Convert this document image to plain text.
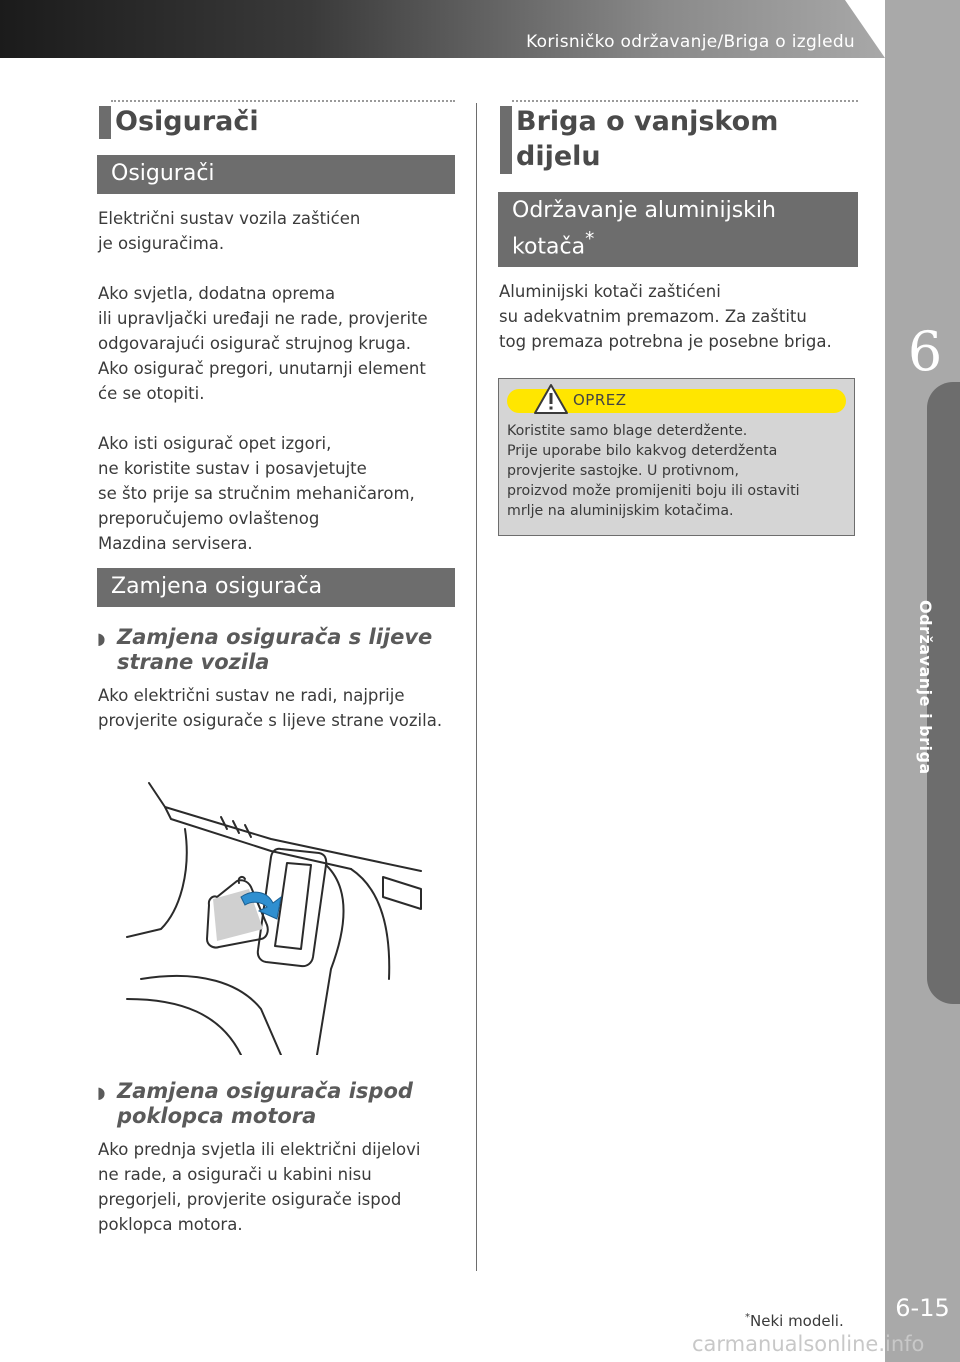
Korisničko održavanje/Briga o izgledu
6
Održavanje i briga
6-15
Osigurači
Osigurači
Električni sustav vozila zaštićen
je osiguračima.
Ako svjetla, dodatna oprema
ili upravljački uređaji ne rade, provjerite
odgovarajući osigurač strujnog kruga.
Ako osigurač pregori, unutarnji element
će se otopiti.
Ako isti osigurač opet izgori,
ne koristite sustav i posavjetujte
se što prije sa stručnim mehaničarom,
preporučujemo ovlaštenog
Mazdina servisera.
Zamjena osigurača
◗ Zamjena osigurača s lijeve strane vozila
Ako električni sustav ne radi, najprije
provjerite osigurače s lijeve strane vozila.
◗ Zamjena osigurača ispod poklopca motora
Ako prednja svjetla ili električni dijelovi
ne rade, a osigurači u kabini nisu
pregorjeli, provjerite osigurače ispod
poklopca motora.
Briga o vanjskom dijelu
Održavanje aluminijskih kotača*
Aluminijski kotači zaštićeni
su adekvatnim premazom. Za zaštitu
tog premaza potrebna je posebne briga.
OPREZ
Koristite samo blage deterdžente.
Prije uporabe bilo kakvog deterdženta
provjerite sastojke. U protivnom,
proizvod može promijeniti boju ili ostaviti
mrlje na aluminijskim kotačima.
*Neki modeli.
carmanualsonline.info
